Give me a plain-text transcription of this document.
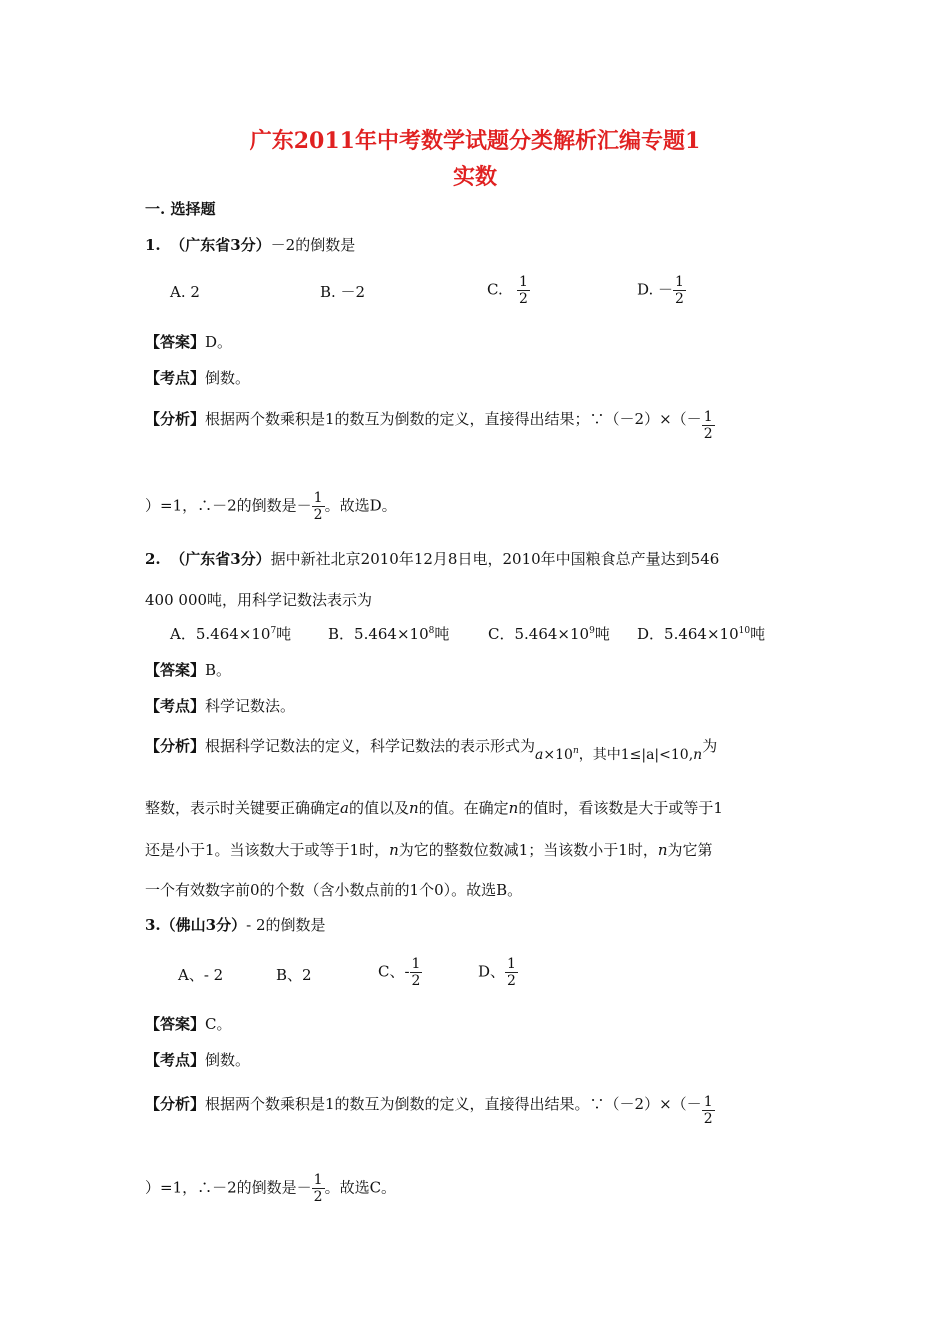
广东2011年中考数学试题分类解析汇编专题1
实数
一. 选择题
1. （广东省3分）－2的倒数是
A. 2	B. －2	C. $\frac{1}{2}$	D. － $\frac{1}{2}$
【答案】D。
【考点】倒数。
【分析】根据两个数乘积是1的数互为倒数的定义，直接得出结果；∵（－2）×（－ $\frac{1}{2}$
）=1，∴－2的倒数是－ $\frac{1}{2}$ 。故选D。
2. （广东省3分）据中新社北京2010年12月8日电，2010年中国粮食总产量达到546
400 000吨，用科学记数法表示为
A．$5.464\times 10^7$吨 B．$5.464\times 10^8$吨	C．$5.464\times 10^9$吨 D．$5.464\times 10^{10}$吨
【答案】B。
【考点】科学记数法。
【分析】根据科学记数法的定义，科学记数法的表示形式为$a\times 10^n$，其中1≤|a|<10,n为
整数，表示时关键要正确确定a的值以及n的值。在确定n的值时，看该数是大于或等于1
还是小于1。当该数大于或等于1时，n为它的整数位数减1；当该数小于1时，n为它第
一个有效数字前0的个数（含小数点前的1个0）。故选B。
3.（佛山3分）- 2的倒数是
A、- 2	B、2	C、- $\frac{1}{2}$	D、 $\frac{1}{2}$
【答案】C。
【考点】倒数。
【分析】根据两个数乘积是1的数互为倒数的定义，直接得出结果。∵（－2）×（－ $\frac{1}{2}$
）=1，∴－2的倒数是－ $\frac{1}{2}$ 。故选C。
